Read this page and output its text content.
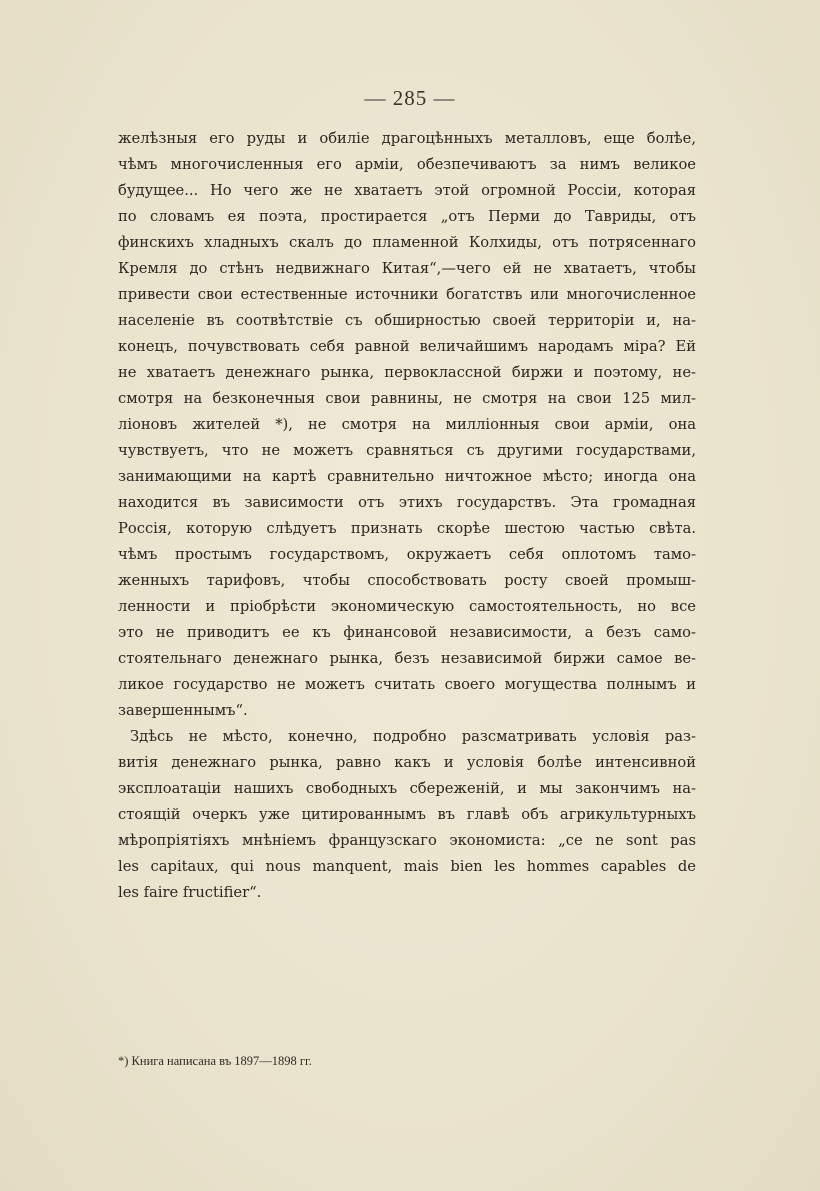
— 285 —
желѣзныя его руды и обиліе драгоцѣнныхъ металловъ, еще болѣе,
чѣмъ многочисленныя его арміи, обезпечиваютъ за нимъ великое
будущее... Но чего же не хватаетъ этой огромной Россіи, которая
по словамъ ея поэта, простирается „отъ Перми до Тавриды, отъ
финскихъ хладныхъ скалъ до пламенной Колхиды, отъ потрясеннаго
Кремля до стѣнъ недвижнаго Китая“,—чего ей не хватаетъ, чтобы
привести свои естественные источники богатствъ или многочисленное
населеніе въ соотвѣтствіе съ обширностью своей территоріи и, на-
конецъ, почувствовать себя равной величайшимъ народамъ міра? Ей
не хватаетъ денежнаго рынка, первоклассной биржи и поэтому, не-
смотря на безконечныя свои равнины, не смотря на свои 125 мил-
ліоновъ жителей *), не смотря на милліонныя свои арміи, она
чувствуетъ, что не можетъ сравняться съ другими государствами,
занимающими на картѣ сравнительно ничтожное мѣсто; иногда она
находится въ зависимости отъ этихъ государствъ. Эта громадная
Россія, которую слѣдуетъ признать скорѣе шестою частью свѣта.
чѣмъ простымъ государствомъ, окружаетъ себя оплотомъ тамо-
женныхъ тарифовъ, чтобы способствовать росту своей промыш-
ленности и пріобрѣсти экономическую самостоятельность, но все
это не приводитъ ее къ финансовой независимости, а безъ само-
стоятельнаго денежнаго рынка, безъ независимой биржи самое ве-
ликое государство не можетъ считать своего могущества полнымъ и
завершеннымъ“.
Здѣсь не мѣсто, конечно, подробно разсматривать условія раз-
витія денежнаго рынка, равно какъ и условія болѣе интенсивной
эксплоатаціи нашихъ свободныхъ сбереженій, и мы закончимъ на-
стоящій очеркъ уже цитированнымъ въ главѣ объ агрикультурныхъ
мѣропріятіяхъ мнѣніемъ французскаго экономиста: „ce ne sont pas
les capitaux, qui nous manquent, mais bien les hommes capables de
les faire fructifier“.
*) Книга написана въ 1897—1898 гг.
